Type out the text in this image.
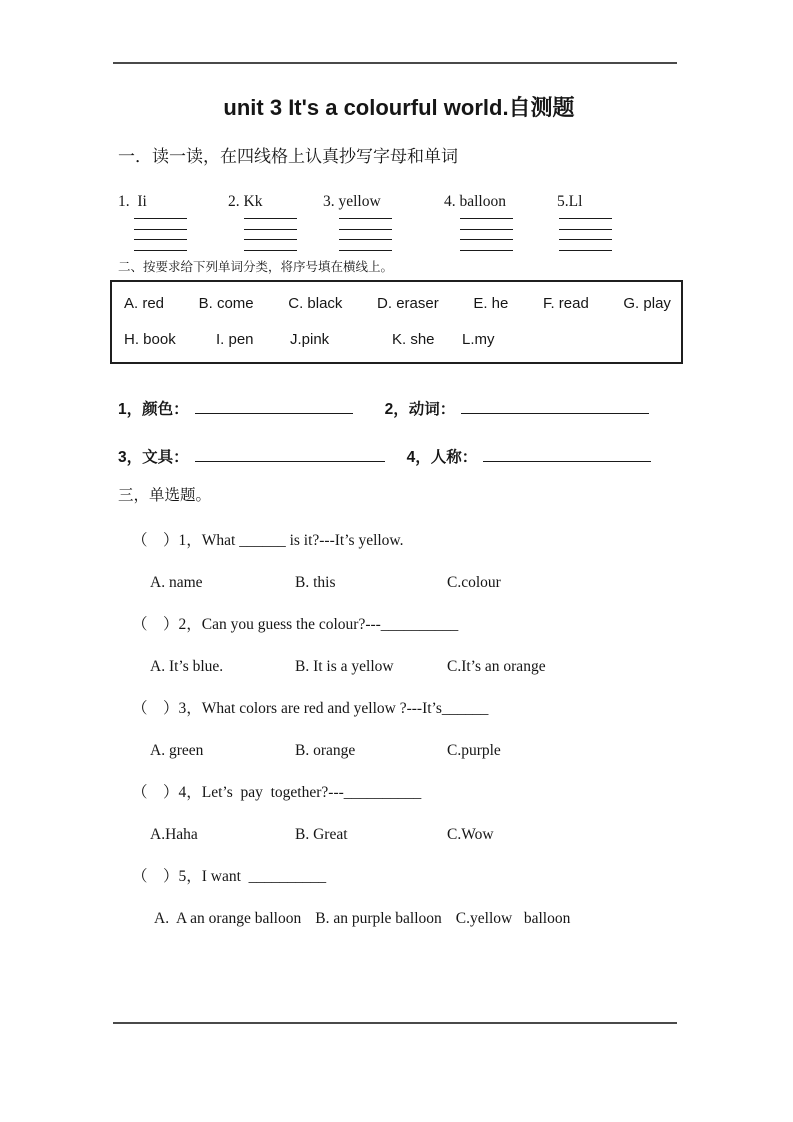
unit 3 It's a colourful world.自测题
一．读一读，在四线格上认真抄写字母和单词
1.  Ii	2. Kk	3. yellow	4. balloon	5.Ll
二、按要求给下列单词分类，将序号填在横线上。
A. red B. come C. black D. eraser E. he F. read G. play
H. book	I. pen	J.pink	K. she	L.my
1，颜色：	2，动词：
3，文具：	4，人称：
三，单选题。
（　）1，What ______ is it?---It’s yellow.
A. name	B. this	C.colour
（　）2，Can you guess the colour?---__________
A. It’s blue.	B. It is a yellow	C.It’s an orange
（　）3，What colors are red and yellow ?---It’s______
A. green	B. orange	C.purple
（　）4，Let’s  pay  together?---__________
A.Haha	B. Great	C.Wow
（　）5，I want  __________
A.  A an orange balloon B. an purple balloon C.yellow   balloon
